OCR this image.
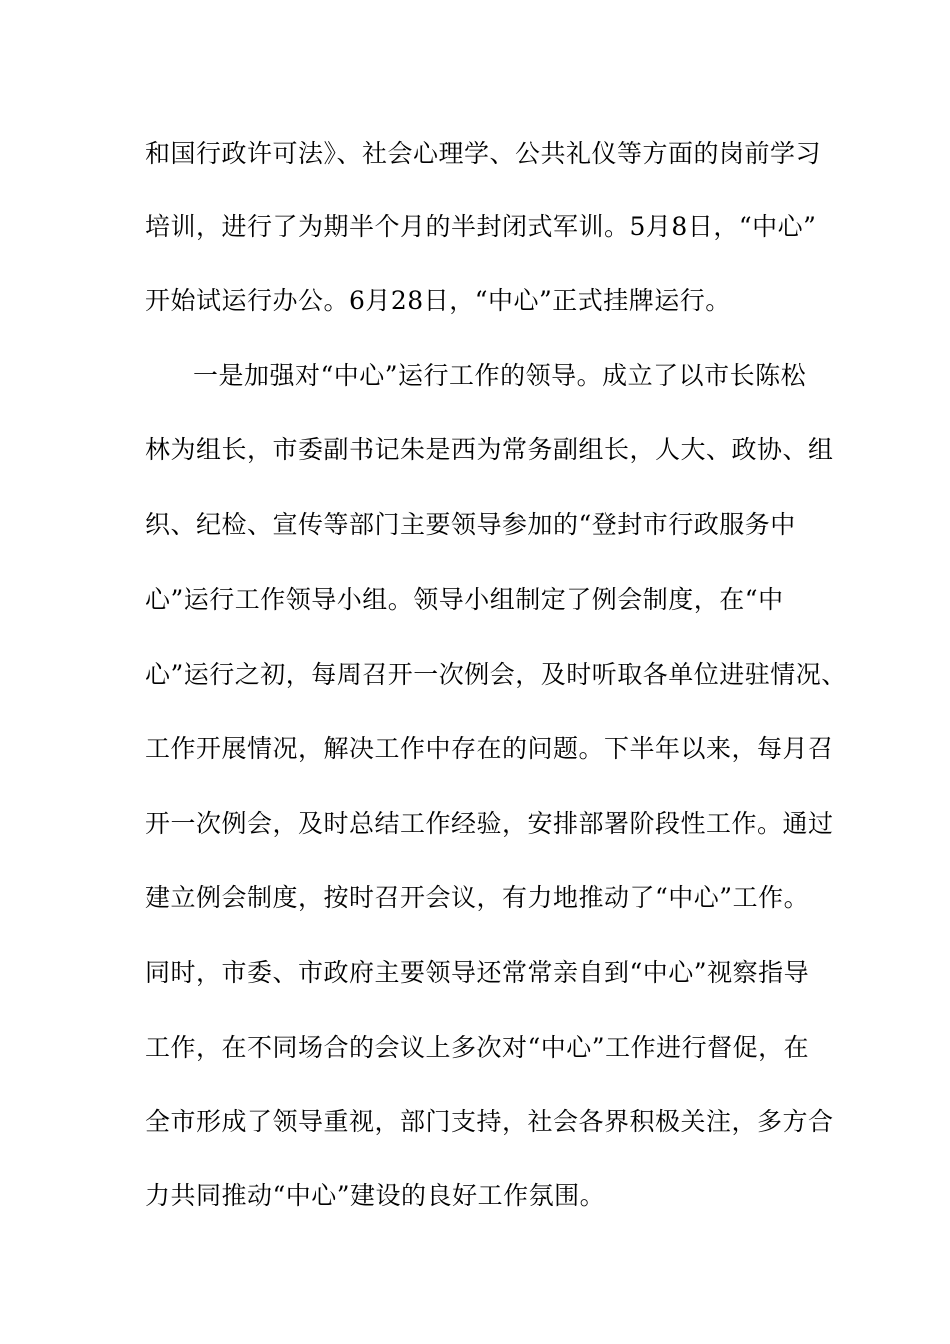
和国行政许可法》、社会心理学、公共礼仪等方面的岗前学习
培训，进行了为期半个月的半封闭式军训。5月8日，“中心”
开始试运行办公。6月28日，“中心”正式挂牌运行。
一是加强对“中心”运行工作的领导。成立了以市长陈松
林为组长，市委副书记朱是西为常务副组长，人大、政协、组
织、纪检、宣传等部门主要领导参加的“登封市行政服务中
心”运行工作领导小组。领导小组制定了例会制度，在“中
心”运行之初，每周召开一次例会，及时听取各单位进驻情况、
工作开展情况，解决工作中存在的问题。下半年以来，每月召
开一次例会，及时总结工作经验，安排部署阶段性工作。通过
建立例会制度，按时召开会议，有力地推动了“中心”工作。
同时，市委、市政府主要领导还常常亲自到“中心”视察指导
工作，在不同场合的会议上多次对“中心”工作进行督促，在
全市形成了领导重视，部门支持，社会各界积极关注，多方合
力共同推动“中心”建设的良好工作氛围。
